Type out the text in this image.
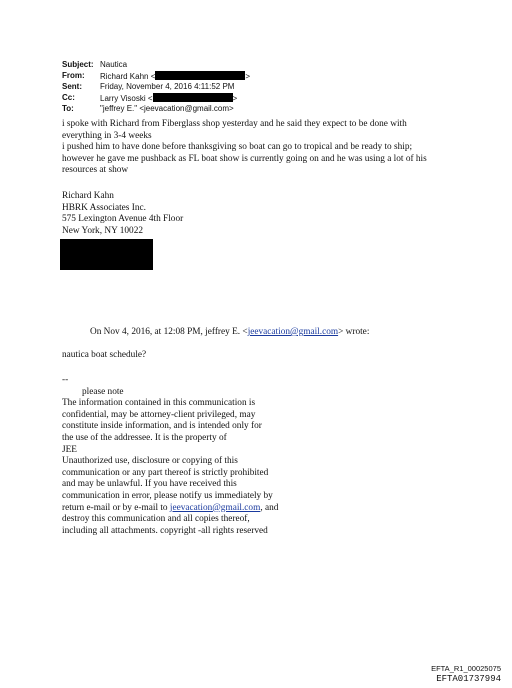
Subject: Nautica
From:	Richard Kahn <	>
Sent:	Friday, November 4, 2016 4:11:52 PM
Cc:	Larry Visoski <	>
To:	"jeffrey E." <jeevacation@gmail.com>
i spoke with Richard from Fiberglass shop yesterday and he said they expect to be done with
everything in 3-4 weeks
i pushed him to have done before thanksgiving so boat can go to tropical and be ready to ship;
however he gave me pushback as FL boat show is currently going on and he was using a lot of his
resources at show
Richard Kahn
HBRK Associates Inc.
575 Lexington Avenue 4th Floor
New York, NY 10022
On Nov 4, 2016, at 12:08 PM, jeffrey E. <jeevacation@gmail.com> wrote:
nautica boat schedule?
--
please note
The information contained in this communication is
confidential, may be attorney-client privileged, may
constitute inside information, and is intended only for
the use of the addressee. It is the property of
JEE
Unauthorized use, disclosure or copying of this
communication or any part thereof is strictly prohibited
and may be unlawful. If you have received this
communication in error, please notify us immediately by
return e-mail or by e-mail to jeevacation@gmail.com, and
destroy this communication and all copies thereof,
including all attachments. copyright -all rights reserved
EFTA_R1_00025075
EFTA01737994
